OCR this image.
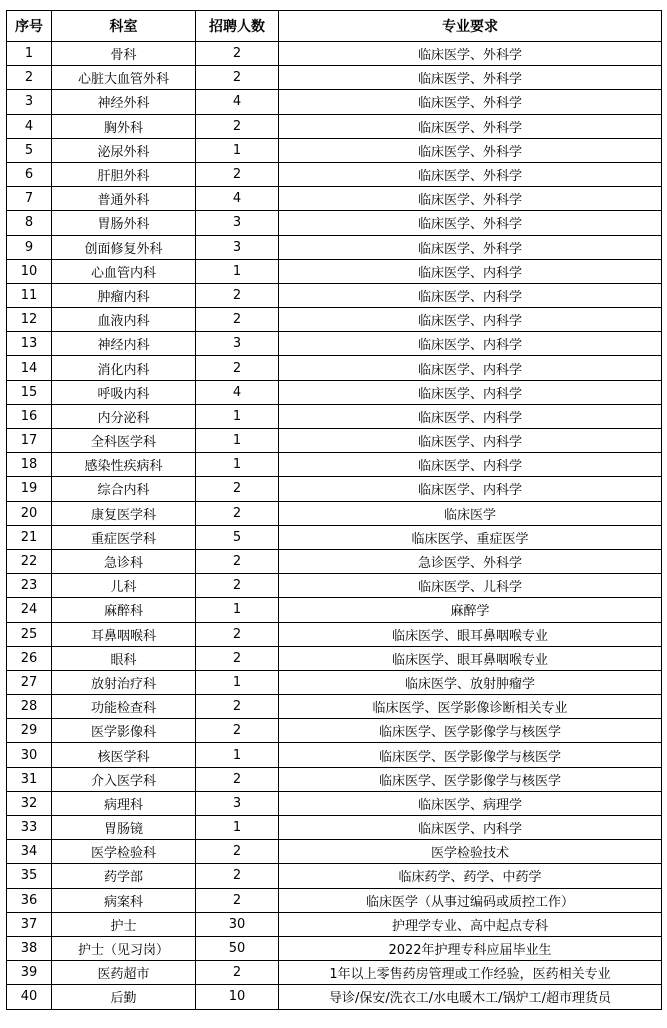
序号	科室	招聘人数	专业要求
1	骨科	2	临床医学、外科学
2	心脏大血管外科	2	临床医学、外科学
3	神经外科	4	临床医学、外科学
4	胸外科	2	临床医学、外科学
5	泌尿外科	1	临床医学、外科学
6	肝胆外科	2	临床医学、外科学
7	普通外科	4	临床医学、外科学
8	胃肠外科	3	临床医学、外科学
9	创面修复外科	3	临床医学、外科学
10	心血管内科	1	临床医学、内科学
11	肿瘤内科	2	临床医学、内科学
12	血液内科	2	临床医学、内科学
13	神经内科	3	临床医学、内科学
14	消化内科	2	临床医学、内科学
15	呼吸内科	4	临床医学、内科学
16	内分泌科	1	临床医学、内科学
17	全科医学科	1	临床医学、内科学
18	感染性疾病科	1	临床医学、内科学
19	综合内科	2	临床医学、内科学
20	康复医学科	2	临床医学
21	重症医学科	5	临床医学、重症医学
22	急诊科	2	急诊医学、外科学
23	儿科	2	临床医学、儿科学
24	麻醉科	1	麻醉学
25	耳鼻咽喉科	2	临床医学、眼耳鼻咽喉专业
26	眼科	2	临床医学、眼耳鼻咽喉专业
27	放射治疗科	1	临床医学、放射肿瘤学
28	功能检查科	2	临床医学、医学影像诊断相关专业
29	医学影像科	2	临床医学、医学影像学与核医学
30	核医学科	1	临床医学、医学影像学与核医学
31	介入医学科	2	临床医学、医学影像学与核医学
32	病理科	3	临床医学、病理学
33	胃肠镜	1	临床医学、内科学
34	医学检验科	2	医学检验技术
35	药学部	2	临床药学、药学、中药学
36	病案科	2	临床医学（从事过编码或质控工作）
37	护士	30	护理学专业、高中起点专科
38	护士（见习岗）	50	2022年护理专科应届毕业生
39	医药超市	2	1年以上零售药房管理或工作经验，医药相关专业
40	后勤	10	导诊/保安/洗衣工/水电暖木工/锅炉工/超市理货员
